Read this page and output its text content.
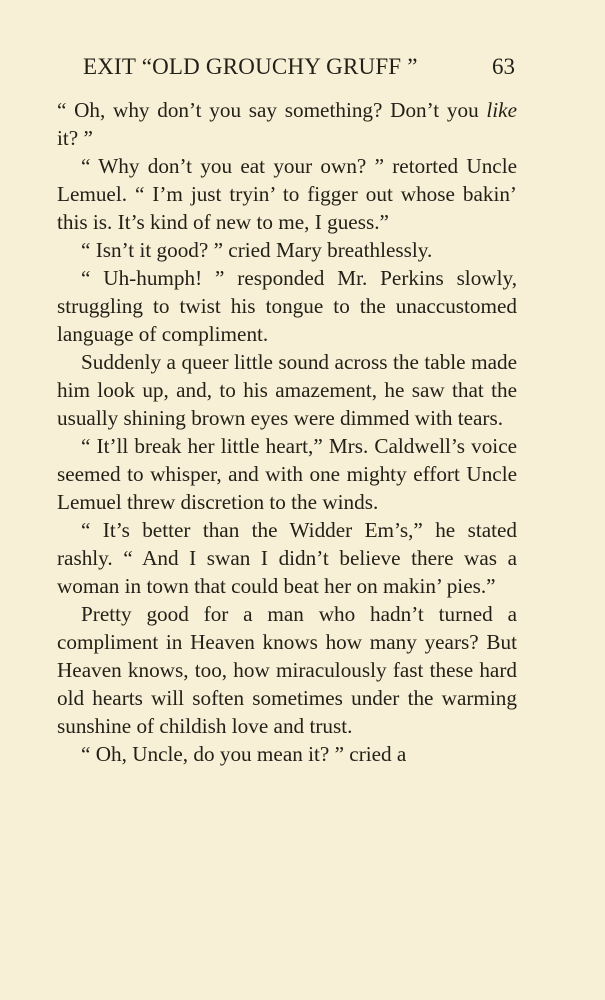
EXIT “OLD GROUCHY GRUFF ”	63

“ Oh, why don’t you say something? Don’t you like it? ”

“ Why don’t you eat your own? ” retorted Uncle Lemuel. “ I’m just tryin’ to figger out whose bakin’ this is. It’s kind of new to me, I guess.”

“ Isn’t it good? ” cried Mary breathlessly.

“ Uh-humph! ” responded Mr. Perkins slowly, struggling to twist his tongue to the unaccustomed language of compliment.

Suddenly a queer little sound across the table made him look up, and, to his amazement, he saw that the usually shining brown eyes were dimmed with tears.

“ It’ll break her little heart,” Mrs. Caldwell’s voice seemed to whisper, and with one mighty effort Uncle Lemuel threw discretion to the winds.

“ It’s better than the Widder Em’s,” he stated rashly. “ And I swan I didn’t believe there was a woman in town that could beat her on makin’ pies.”

Pretty good for a man who hadn’t turned a compliment in Heaven knows how many years? But Heaven knows, too, how miraculously fast these hard old hearts will soften sometimes under the warming sunshine of childish love and trust.

“ Oh, Uncle, do you mean it? ” cried a
